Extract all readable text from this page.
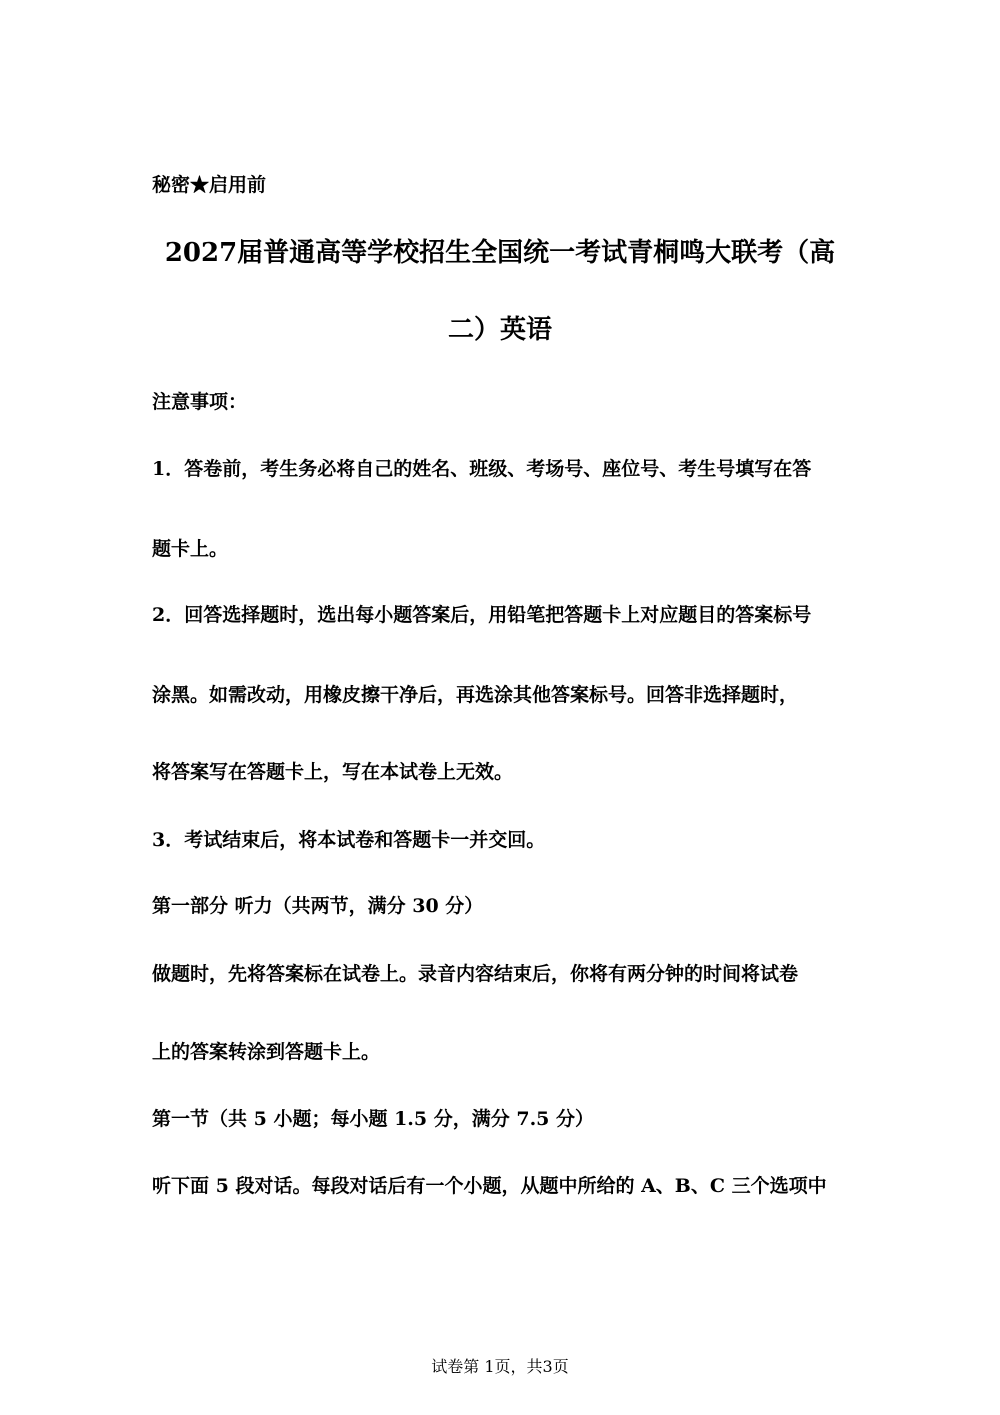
秘密★启用前
2027届普通高等学校招生全国统一考试青桐鸣大联考（高
二）英语
注意事项：
1．答卷前，考生务必将自己的姓名、班级、考场号、座位号、考生号填写在答
题卡上。
2．回答选择题时，选出每小题答案后，用铅笔把答题卡上对应题目的答案标号
涂黑。如需改动，用橡皮擦干净后，再选涂其他答案标号。回答非选择题时，
将答案写在答题卡上，写在本试卷上无效。
3．考试结束后，将本试卷和答题卡一并交回。
第一部分 听力（共两节，满分 30 分）
做题时，先将答案标在试卷上。录音内容结束后，你将有两分钟的时间将试卷
上的答案转涂到答题卡上。
第一节（共 5 小题；每小题 1.5 分，满分 7.5 分）
听下面 5 段对话。每段对话后有一个小题，从题中所给的 A、B、C 三个选项中
试卷第 1页，共3页
